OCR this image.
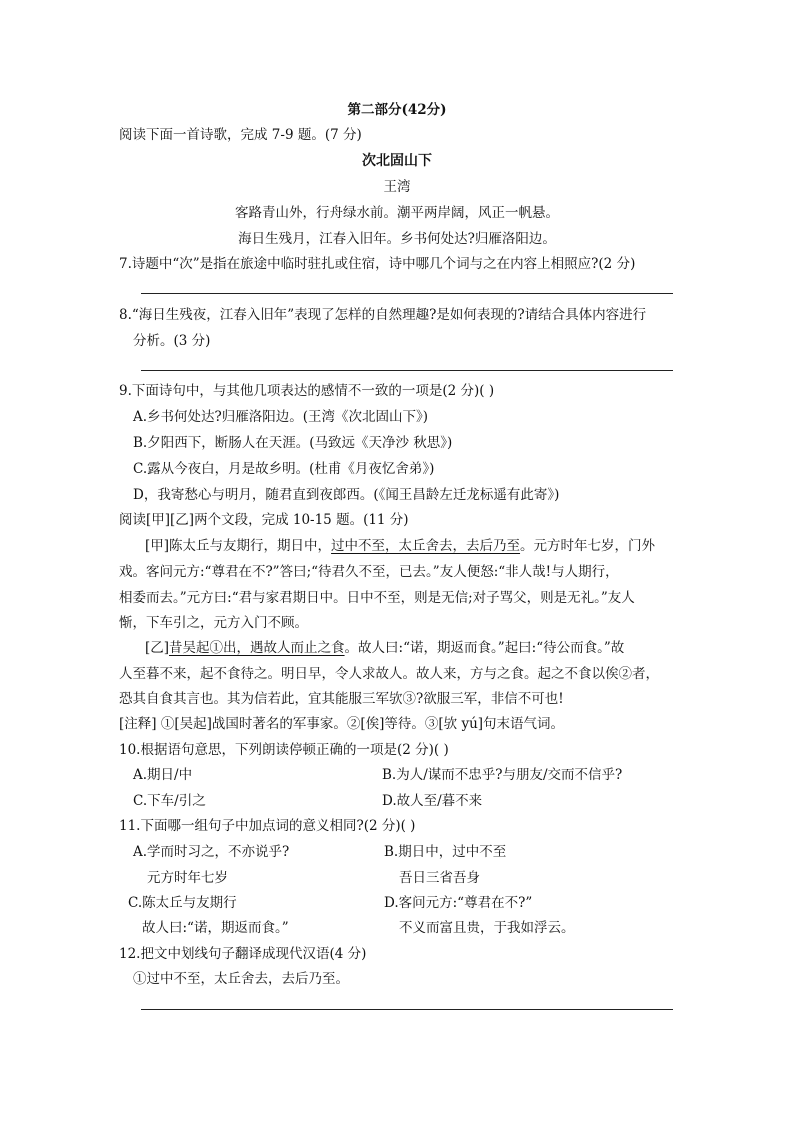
第二部分(42分)
阅读下面一首诗歌，完成 7-9 题。(7 分)
次北固山下
王湾
客路青山外，行舟绿水前。潮平两岸阔，风正一帆悬。
海日生残月，江春入旧年。乡书何处达?归雁洛阳边。
7.诗题中“次”是指在旅途中临时驻扎或住宿，诗中哪几个词与之在内容上相照应?(2 分)
8.“海日生残夜，江春入旧年”表现了怎样的自然理趣?是如何表现的?请结合具体内容进行
分析。(3 分)
9.下面诗句中，与其他几项表达的感情不一致的一项是(2 分)( )
A.乡书何处达?归雁洛阳边。(王湾《次北固山下》)
B.夕阳西下，断肠人在天涯。(马致远《天净沙 秋思》)
C.露从今夜白，月是故乡明。(杜甫《月夜忆舍弟》)
D，我寄愁心与明月，随君直到夜郎西。(《闻王昌龄左迁龙标遥有此寄》)
阅读[甲][乙]两个文段，完成 10-15 题。(11 分)
[甲]陈太丘与友期行，期日中，过中不至，太丘舍去，去后乃至。元方时年七岁，门外
戏。客问元方:“尊君在不?”答曰;“待君久不至，已去。”友人便怒:“非人哉!与人期行，
相委而去。”元方曰:“君与家君期日中。日中不至，则是无信;对子骂父，则是无礼。”友人
惭，下车引之，元方入门不顾。
[乙]昔吴起①出，遇故人而止之食。故人曰:“诺，期返而食。”起曰:“待公而食。”故
人至暮不来，起不食待之。明日早，令人求故人。故人来，方与之食。起之不食以俟②者，
恐其自食其言也。其为信若此，宜其能服三军欤③?欲服三军，非信不可也!
[注释] ①[吴起]战国时著名的军事家。②[俟]等待。③[欤 yú]句末语气词。
10.根据语句意思，下列朗读停顿正确的一项是(2 分)( )
A.期日/中	B.为人/谋而不忠乎?与朋友/交而不信乎?
C.下车/引之	D.故人至/暮不来
11.下面哪一组句子中加点词的意义相同?(2 分)( )
A.学而时习之，不亦说乎?	B.期日中，过中不至
元方时年七岁	吾日三省吾身
C.陈太丘与友期行	D.客问元方:“尊君在不?”
故人曰:“诺，期返而食。”	不义而富且贵，于我如浮云。
12.把文中划线句子翻译成现代汉语(4 分)
①过中不至，太丘舍去，去后乃至。
